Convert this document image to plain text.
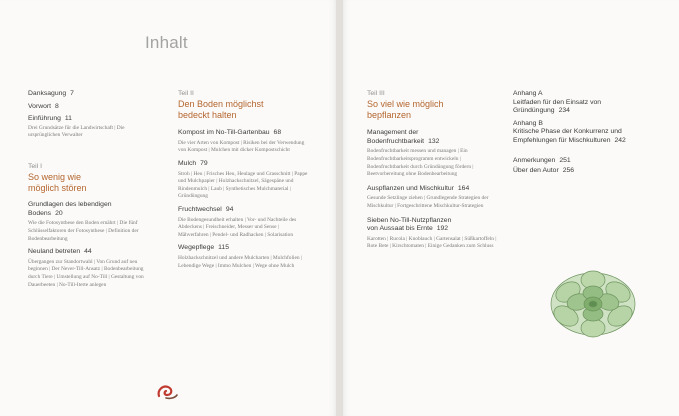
Inhalt
Danksagung 7
Vorwort 8
Einführung 11
Drei Grundsätze für die Landwirtschaft | Die ursprünglichen Verwalter
Teil I
So wenig wie
möglich stören
Grundlagen des lebendigen
Bodens 20
Wie die Fotosynthese den Boden ernährt | Die fünf Schlüsselfaktoren der Fotosynthese | Definition der Bodenbearbeitung
Neuland betreten 44
Übergangen zur Standortwahl | Von Grund auf neu beginnen | Der Never-Till-Ansatz | Bodenbearbeitung durch Tiere | Umstellung auf No-Till | Gestaltung von Dauerbeeten | No-Till-Iterte anlegen
Teil II
Den Boden möglichst
bedeckt halten
Kompost im No-Till-Gartenbau 68
Die vier Arten von Kompost | Risiken bei der Verwendung von Kompost | Mulchen mit dicker Kompostschicht
Mulch 79
Stroh | Heu | Frisches Heu, Heulage und Grasschnitt | Pappe und Mulchpapier | Holzhackschnitzel, Sägespäne und Rindenmulch | Laub | Synthetisches Mulchmaterial | Gründüngung
Fruchtwechsel 94
Die Bodengesundheit erhalten | Vor- und Nachteile des Abdeckens | Freischneider, Messer und Sense | Mähverfahren | Pendel- und Radhacken | Solarisation
Wegepflege 115
Holzhackschnitzel und andere Mulcharten | Mulchfolien | Lebendige Wege | Immo Mulchen | Wege ohne Mulch
Teil III
So viel wie möglich
bepflanzen
Management der
Bodenfruchtbarkeit 132
Bodenfruchtbarkeit messen und managen | Ein Bodenfruchtbarkeitsprogramm entwickeln | Bodenfruchtbarkeit durch Gründüngung fördern | Beetvorbereitung ohne Bodenbearbeitung
Auspflanzen und Mischkultur 164
Gesunde Setzlinge ziehen | Grundlegende Strategien der Mischkultur | Fortgeschrittene Mischkultur-Strategien
Sieben No-Till-Nutzpflanzen
von Aussaat bis Ernte 192
Karotten | Rucola | Knoblauch | Gartensalat | Süßkartoffeln | Rote Bete | Kirschtomaten | Einige Gedanken zum Schluss
Anhang A
Leitfaden für den Einsatz von
Gründüngung 234
Anhang B
Kritische Phase der Konkurrenz und
Empfehlungen für Mischkulturen 242
Anmerkungen 251
Über den Autor 256
